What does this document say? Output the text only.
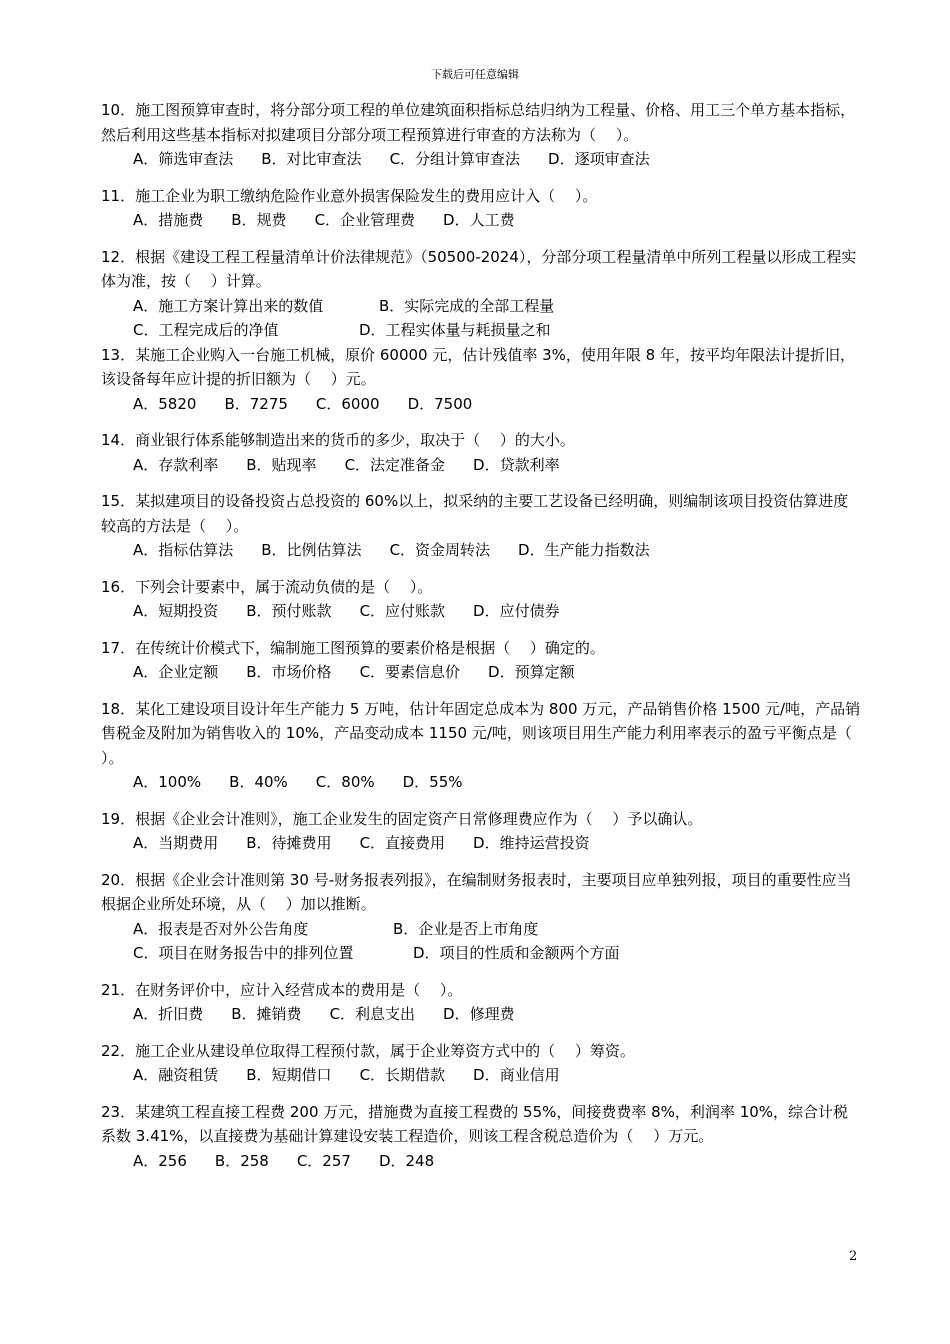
下载后可任意编辑

10．施工图预算审查时，将分部分项工程的单位建筑面积指标总结归纳为工程量、价格、用工三个单方基本指标，然后利用这些基本指标对拟建项目分部分项工程预算进行审查的方法称为（　 ）。

A．筛选审查法 B．对比审查法 C．分组计算审查法 D．逐项审查法

11．施工企业为职工缴纳危险作业意外损害保险发生的费用应计入（　 ）。

A．措施费 B．规费 C．企业管理费 D．人工费

12．根据《建设工程工程量清单计价法律规范》（50500-2024），分部分项工程量清单中所列工程量以形成工程实体为准，按（　 ）计算。

A．施工方案计算出来的数值	B．实际完成的全部工程量
C．工程完成后的净值	D．工程实体量与耗损量之和

13．某施工企业购入一台施工机械，原价 60000 元，估计残值率 3%，使用年限 8 年，按平均年限法计提折旧，该设备每年应计提的折旧额为（　 ）元。

A．5820 B．7275 C．6000 D．7500

14．商业银行体系能够制造出来的货币的多少，取决于（　 ）的大小。

A．存款利率 B．贴现率 C．法定准备金 D．贷款利率

15．某拟建项目的设备投资占总投资的 60%以上，拟采纳的主要工艺设备已经明确，则编制该项目投资估算进度较高的方法是（　 ）。

A．指标估算法 B．比例估算法 C．资金周转法 D．生产能力指数法

16．下列会计要素中，属于流动负债的是（　 ）。

A．短期投资 B．预付账款 C．应付账款 D．应付债券

17．在传统计价模式下，编制施工图预算的要素价格是根据（　 ）确定的。

A．企业定额 B．市场价格 C．要素信息价 D．预算定额

18．某化工建设项目设计年生产能力 5 万吨，估计年固定总成本为 800 万元，产品销售价格 1500 元/吨，产品销售税金及附加为销售收入的 10%，产品变动成本 1150 元/吨，则该项目用生产能力利用率表示的盈亏平衡点是（　 ）。

A．100% B．40% C．80% D．55%

19．根据《企业会计准则》，施工企业发生的固定资产日常修理费应作为（　 ）予以确认。

A．当期费用 B．待摊费用 C．直接费用 D．维持运营投资

20．根据《企业会计准则第 30 号-财务报表列报》，在编制财务报表时，主要项目应单独列报，项目的重要性应当根据企业所处环境，从（　 ）加以推断。

A．报表是否对外公告角度	B．企业是否上市角度
C．项目在财务报告中的排列位置	D．项目的性质和金额两个方面

21．在财务评价中，应计入经营成本的费用是（　 ）。

A．折旧费 B．摊销费 C．利息支出 D．修理费

22．施工企业从建设单位取得工程预付款，属于企业筹资方式中的（　 ）筹资。

A．融资租赁 B．短期借口 C．长期借款 D．商业信用

23．某建筑工程直接工程费 200 万元，措施费为直接工程费的 55%，间接费费率 8%，利润率 10%，综合计税系数 3.41%，以直接费为基础计算建设安装工程造价，则该工程含税总造价为（　 ）万元。

A．256 B．258 C．257 D．248
2
